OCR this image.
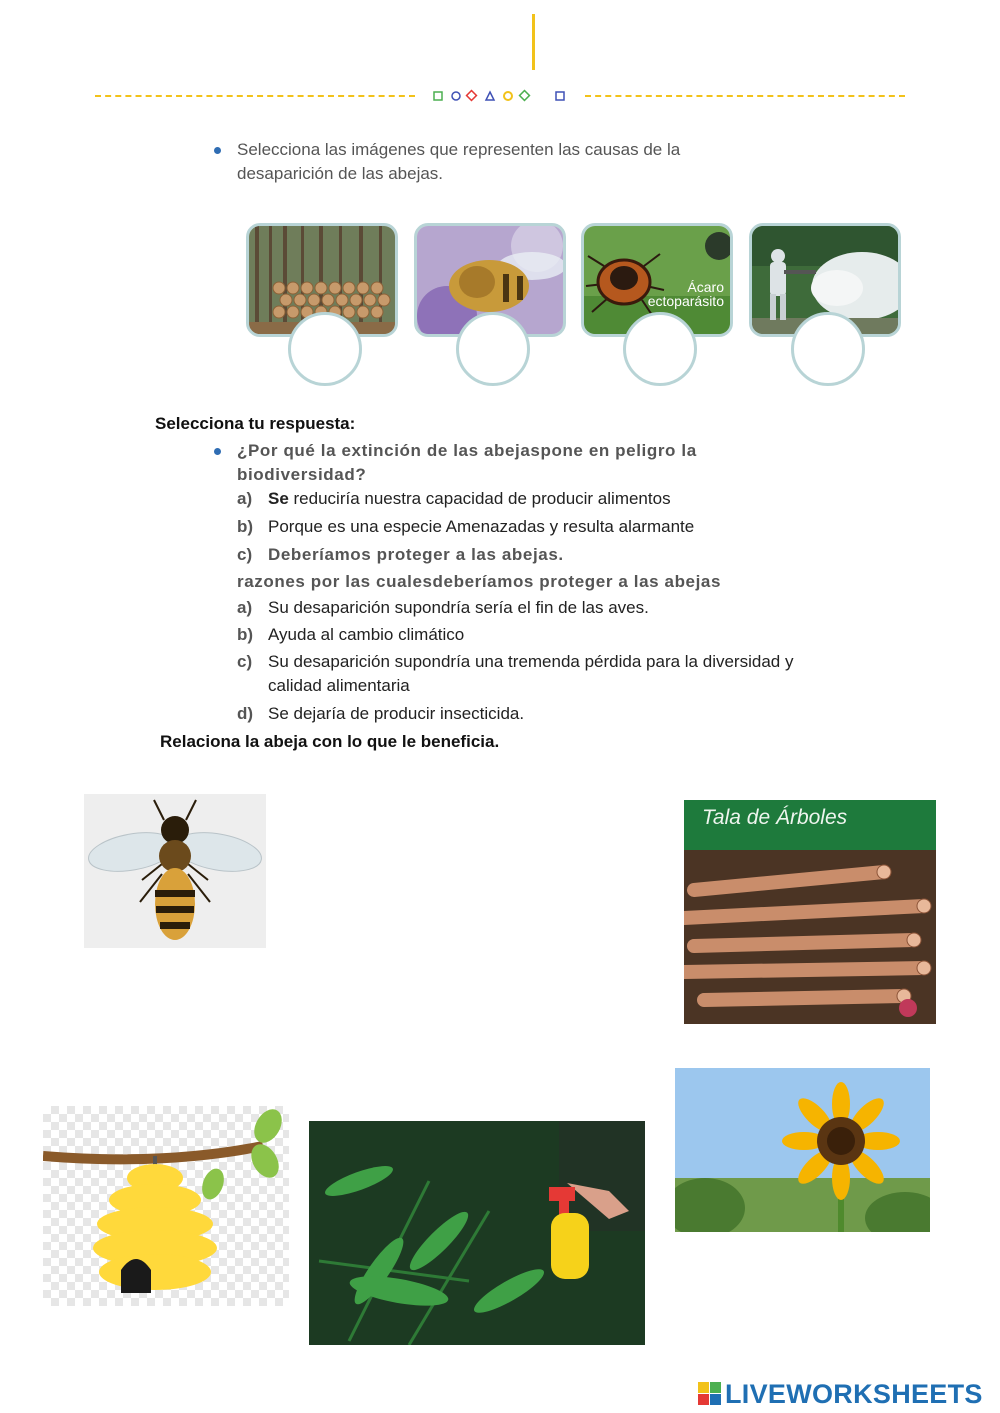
Selecciona las imágenes que representen las causas de la desaparición de las abejas.
Ácaro
ectoparásito
Selecciona tu respuesta:
¿Por qué la extinción de las abejaspone en peligro la biodiversidad?
a) Se reduciría nuestra capacidad de producir alimentos
b) Porque es una especie Amenazadas y resulta alarmante
c) Deberíamos proteger a las abejas.
razones por las cualesdeberíamos proteger a las abejas
a) Su desaparición supondría sería el fin de las aves.
b) Ayuda al cambio climático
c) Su desaparición supondría una tremenda pérdida para la diversidad y calidad alimentaria
d) Se dejaría de producir insecticida.
Relaciona la abeja con lo que le beneficia.
Tala de Árboles
LIVEWORKSHEETS
